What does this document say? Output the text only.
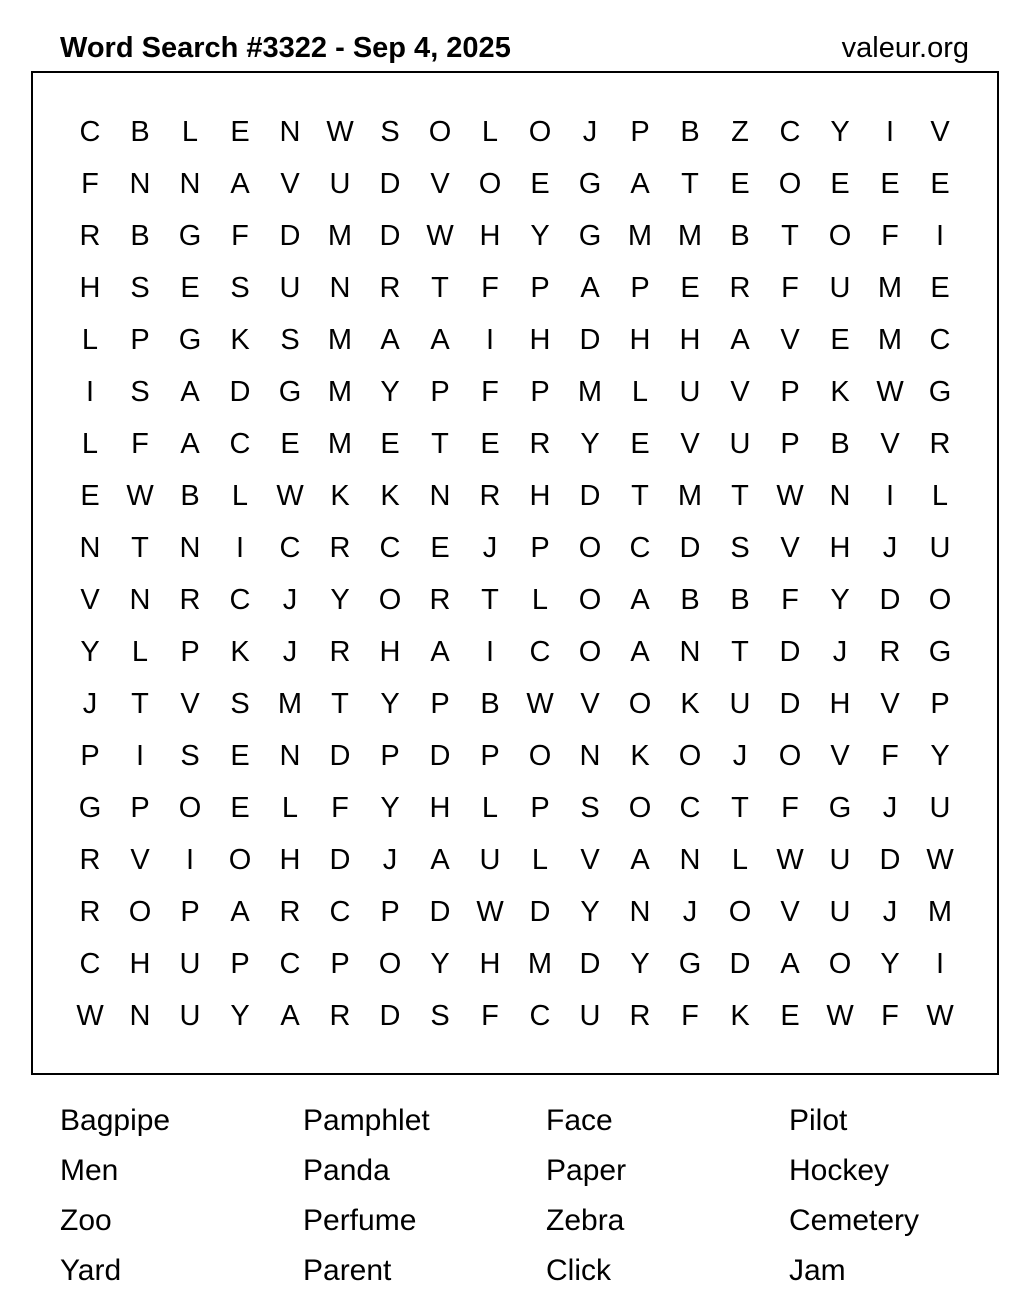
Word Search #3322 - Sep 4, 2025	valeur.org
C	B	L	E	N W S	O	L	O	J	P	B	Z	C	Y	I	V
F	N	N	A	V	U	D	V	O	E	G	A	T	E	O	E	E	E
R	B	G	F	D M D W H	Y	G M M B	T	O	F	I
H	S	E	S	U	N	R	T	F	P	A	P	E	R	F	U M E
L	P	G	K	S M A	A	I	H	D	H	H	A	V	E M C
I	S	A	D G M Y	P	F	P M	L	U	V	P	K W G
L	F	A	C	E M E	T	E	R	Y	E	V	U	P	B	V	R
E W B	L W K	K	N	R	H	D	T	M	T W N	I	L
N	T	N	I	C	R	C	E	J	P	O C	D	S	V	H	J	U
V	N	R	C	J	Y	O R	T	L	O	A	B	B	F	Y	D O
Y	L	P	K	J	R	H	A	I	C O	A	N	T	D	J	R G
J	T	V	S M	T	Y	P	B W V	O	K	U	D	H	V	P
P	I	S	E	N	D	P	D	P	O N	K	O	J	O	V	F	Y
G	P	O	E	L	F	Y	H	L	P	S	O C	T	F	G	J	U
R	V	I	O H	D	J	A	U	L	V	A	N	L W U	D W
R O	P	A	R	C	P	D W D	Y	N	J	O	V	U	J	M
C	H	U	P	C	P	O	Y	H M D	Y	G D	A	O	Y	I
W N	U	Y	A	R	D	S	F	C	U	R	F	K	E W F W
Bagpipe	Pamphlet	Face	Pilot
Men	Panda	Paper	Hockey
Zoo	Perfume	Zebra	Cemetery
Yard	Parent	Click	Jam
